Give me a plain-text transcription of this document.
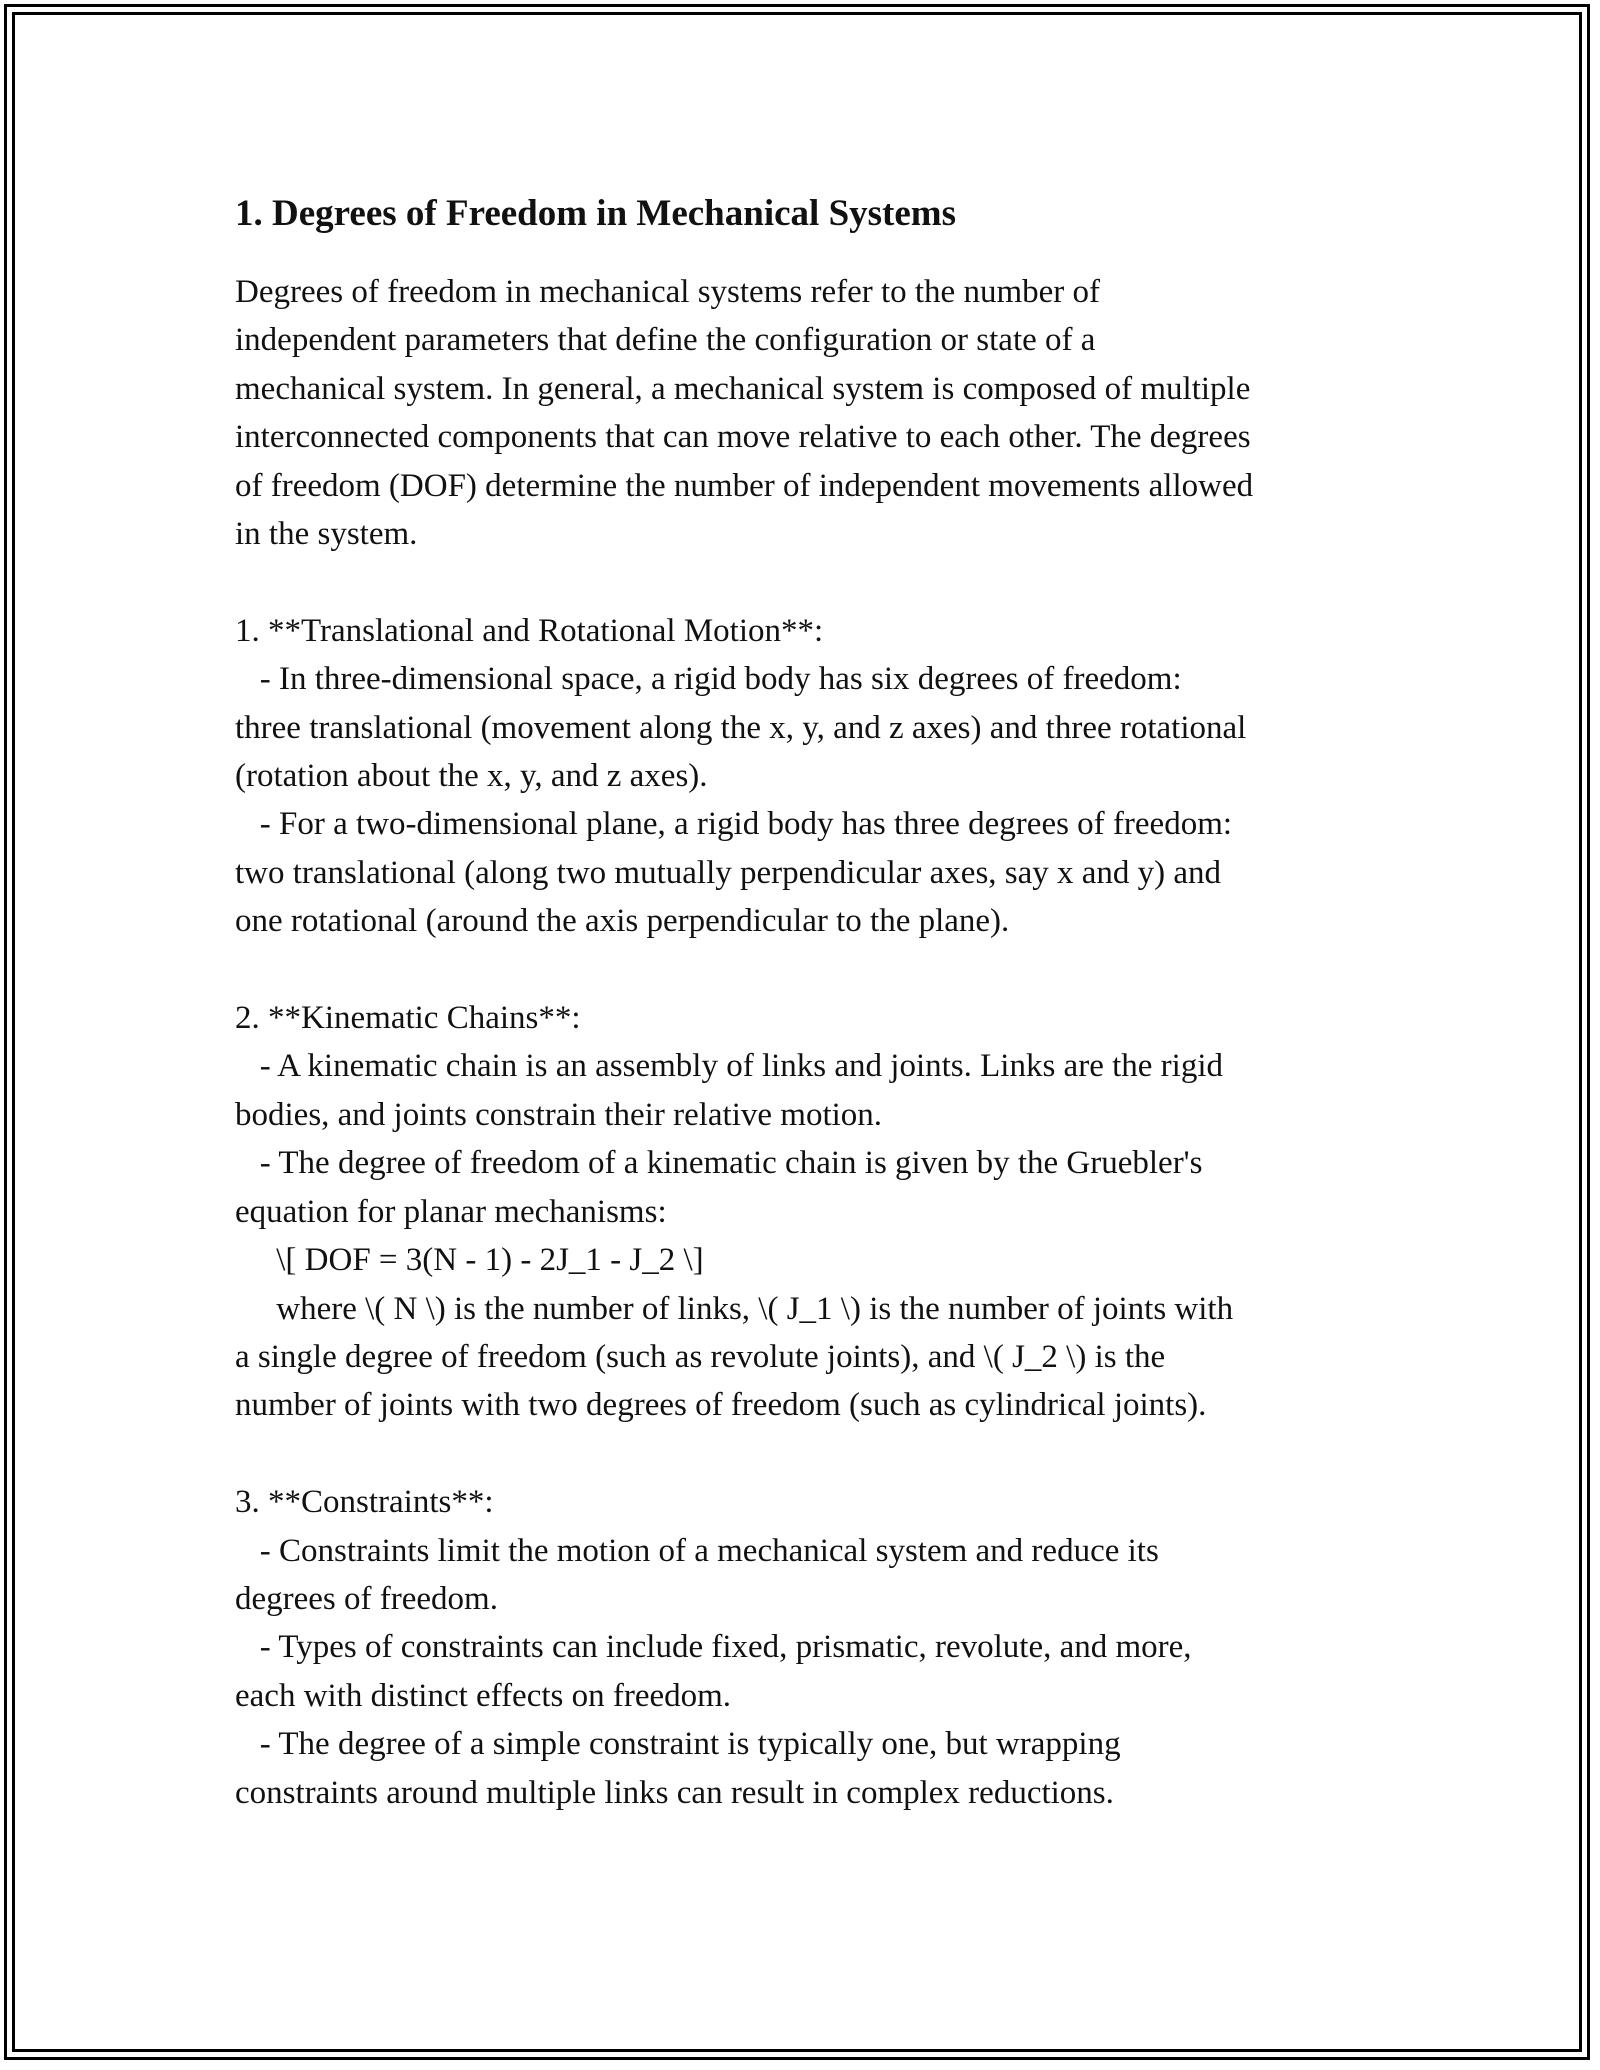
1. Degrees of Freedom in Mechanical Systems

Degrees of freedom in mechanical systems refer to the number of
independent parameters that define the configuration or state of a
mechanical system. In general, a mechanical system is composed of multiple
interconnected components that can move relative to each other. The degrees
of freedom (DOF) determine the number of independent movements allowed
in the system.

1. **Translational and Rotational Motion**:
- In three-dimensional space, a rigid body has six degrees of freedom:
three translational (movement along the x, y, and z axes) and three rotational
(rotation about the x, y, and z axes).
- For a two-dimensional plane, a rigid body has three degrees of freedom:
two translational (along two mutually perpendicular axes, say x and y) and
one rotational (around the axis perpendicular to the plane).

2. **Kinematic Chains**:
- A kinematic chain is an assembly of links and joints. Links are the rigid
bodies, and joints constrain their relative motion.
- The degree of freedom of a kinematic chain is given by the Gruebler's
equation for planar mechanisms:
\[ DOF = 3(N - 1) - 2J_1 - J_2 \]
where \( N \) is the number of links, \( J_1 \) is the number of joints with
a single degree of freedom (such as revolute joints), and \( J_2 \) is the
number of joints with two degrees of freedom (such as cylindrical joints).

3. **Constraints**:
- Constraints limit the motion of a mechanical system and reduce its
degrees of freedom.
- Types of constraints can include fixed, prismatic, revolute, and more,
each with distinct effects on freedom.
- The degree of a simple constraint is typically one, but wrapping
constraints around multiple links can result in complex reductions.
